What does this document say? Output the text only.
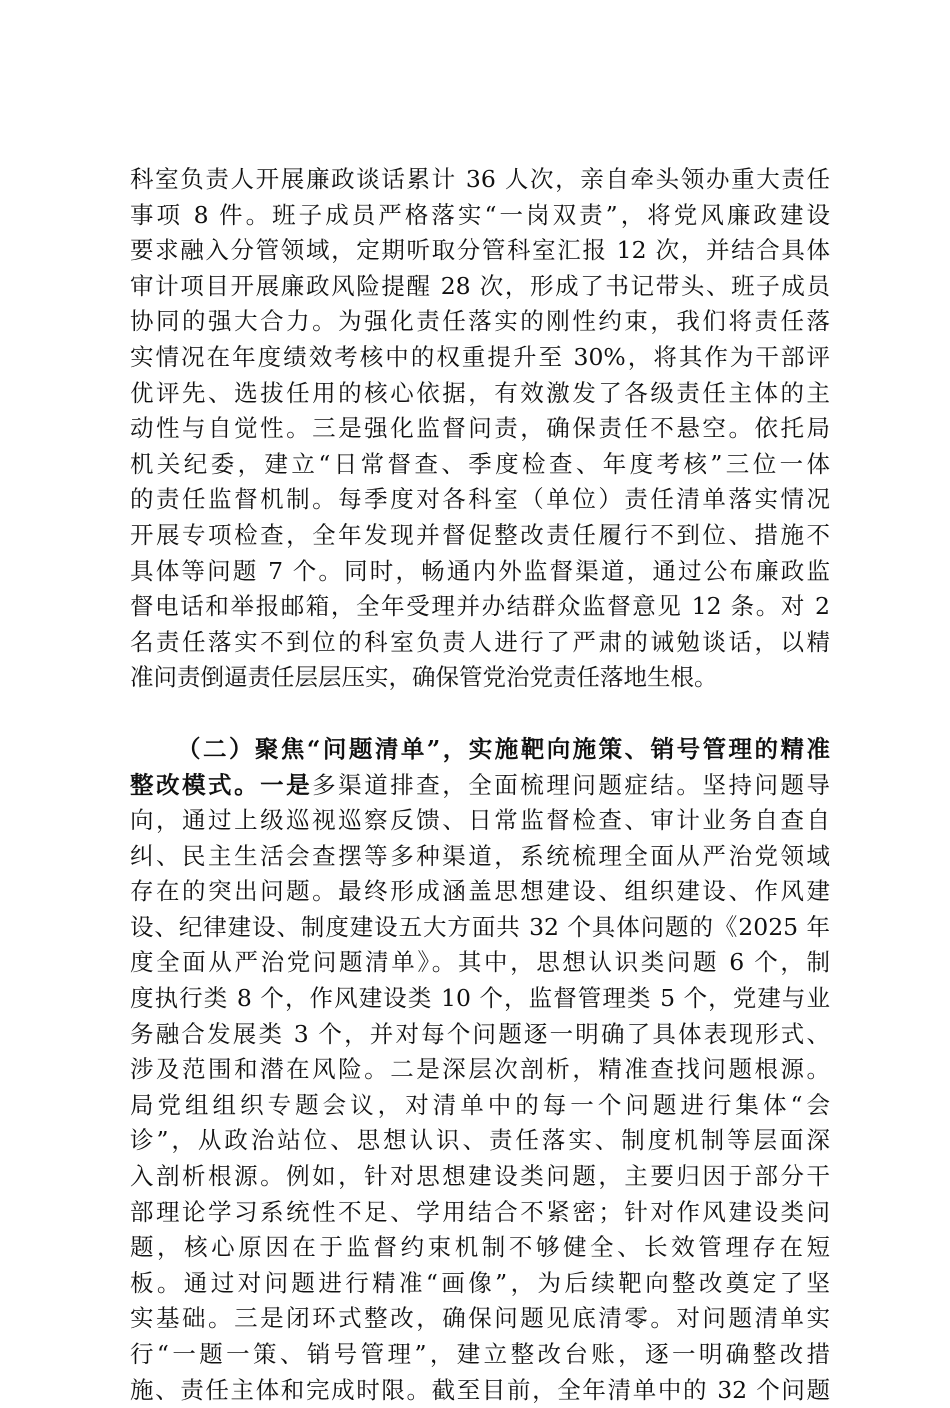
科室负责人开展廉政谈话累计 36 人次，亲自牵头领办重大责任
事项 8 件。班子成员严格落实“一岗双责”，将党风廉政建设
要求融入分管领域，定期听取分管科室汇报 12 次，并结合具体
审计项目开展廉政风险提醒 28 次，形成了书记带头、班子成员
协同的强大合力。为强化责任落实的刚性约束，我们将责任落
实情况在年度绩效考核中的权重提升至 30%，将其作为干部评
优评先、选拔任用的核心依据，有效激发了各级责任主体的主
动性与自觉性。三是强化监督问责，确保责任不悬空。依托局
机关纪委，建立“日常督查、季度检查、年度考核”三位一体
的责任监督机制。每季度对各科室（单位）责任清单落实情况
开展专项检查，全年发现并督促整改责任履行不到位、措施不
具体等问题 7 个。同时，畅通内外监督渠道，通过公布廉政监
督电话和举报邮箱，全年受理并办结群众监督意见 12 条。对 2
名责任落实不到位的科室负责人进行了严肃的诫勉谈话，以精
准问责倒逼责任层层压实，确保管党治党责任落地生根。
（二）聚焦“问题清单”，实施靶向施策、销号管理的精准
整改模式。一是多渠道排查，全面梳理问题症结。坚持问题导
向，通过上级巡视巡察反馈、日常监督检查、审计业务自查自
纠、民主生活会查摆等多种渠道，系统梳理全面从严治党领域
存在的突出问题。最终形成涵盖思想建设、组织建设、作风建
设、纪律建设、制度建设五大方面共 32 个具体问题的《2025 年
度全面从严治党问题清单》。其中，思想认识类问题 6 个，制
度执行类 8 个，作风建设类 10 个，监督管理类 5 个，党建与业
务融合发展类 3 个，并对每个问题逐一明确了具体表现形式、
涉及范围和潜在风险。二是深层次剖析，精准查找问题根源。
局党组组织专题会议，对清单中的每一个问题进行集体“会
诊”，从政治站位、思想认识、责任落实、制度机制等层面深
入剖析根源。例如，针对思想建设类问题，主要归因于部分干
部理论学习系统性不足、学用结合不紧密；针对作风建设类问
题，核心原因在于监督约束机制不够健全、长效管理存在短
板。通过对问题进行精准“画像”，为后续靶向整改奠定了坚
实基础。三是闭环式整改，确保问题见底清零。对问题清单实
行“一题一策、销号管理”，建立整改台账，逐一明确整改措
施、责任主体和完成时限。截至目前，全年清单中的 32 个问题
